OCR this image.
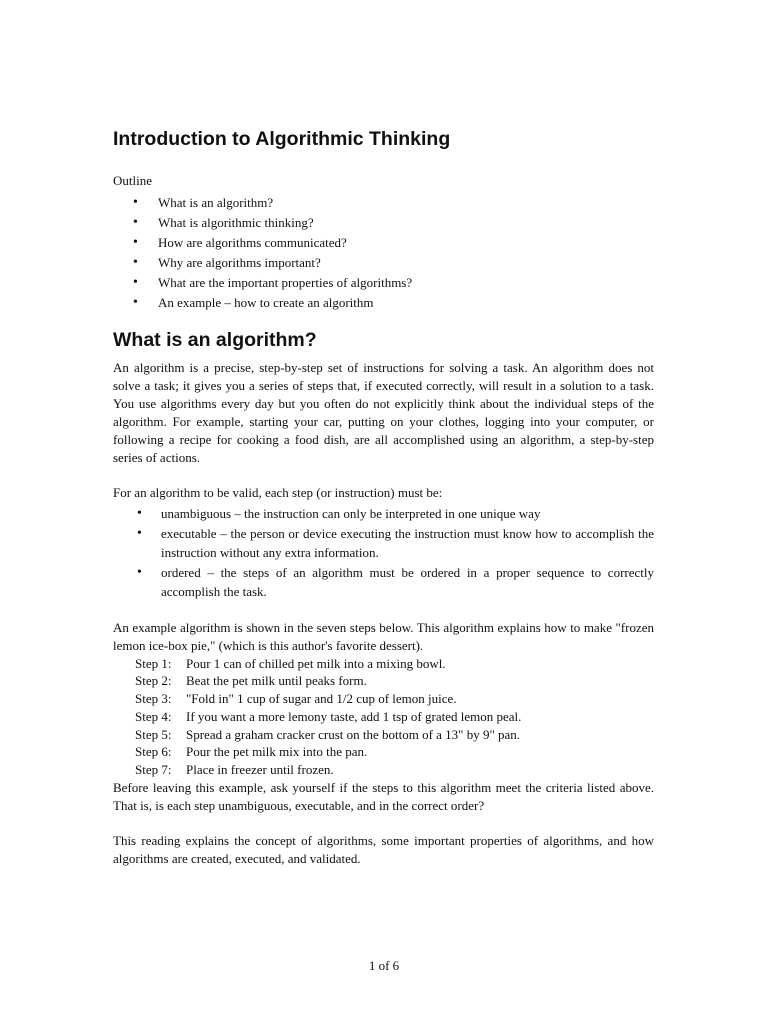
Introduction to Algorithmic Thinking
Outline
• What is an algorithm?
• What is algorithmic thinking?
• How are algorithms communicated?
• Why are algorithms important?
• What are the important properties of algorithms?
• An example – how to create an algorithm
What is an algorithm?

An algorithm is a precise, step-by-step set of instructions for solving a task. An algorithm does not solve a task; it gives you a series of steps that, if executed correctly, will result in a solution to a task. You use algorithms every day but you often do not explicitly think about the individual steps of the algorithm. For example, starting your car, putting on your clothes, logging into your computer, or following a recipe for cooking a food dish, are all accomplished using an algorithm, a step-by-step series of actions.

For an algorithm to be valid, each step (or instruction) must be:

• unambiguous – the instruction can only be interpreted in one unique way
• executable – the person or device executing the instruction must know how to accomplish the instruction without any extra information.
• ordered – the steps of an algorithm must be ordered in a proper sequence to correctly accomplish the task.

An example algorithm is shown in the seven steps below. This algorithm explains how to make "frozen lemon ice-box pie," (which is this author's favorite dessert).

Step 1:	Pour 1 can of chilled pet milk into a mixing bowl.
Step 2:	Beat the pet milk until peaks form.
Step 3:	"Fold in" 1 cup of sugar and 1/2 cup of lemon juice.
Step 4:	If you want a more lemony taste, add 1 tsp of grated lemon peal.
Step 5:	Spread a graham cracker crust on the bottom of a 13" by 9" pan.
Step 6:	Pour the pet milk mix into the pan.
Step 7:	Place in freezer until frozen.

Before leaving this example, ask yourself if the steps to this algorithm meet the criteria listed above. That is, is each step unambiguous, executable, and in the correct order?

This reading explains the concept of algorithms, some important properties of algorithms, and how algorithms are created, executed, and validated.

1 of 6
